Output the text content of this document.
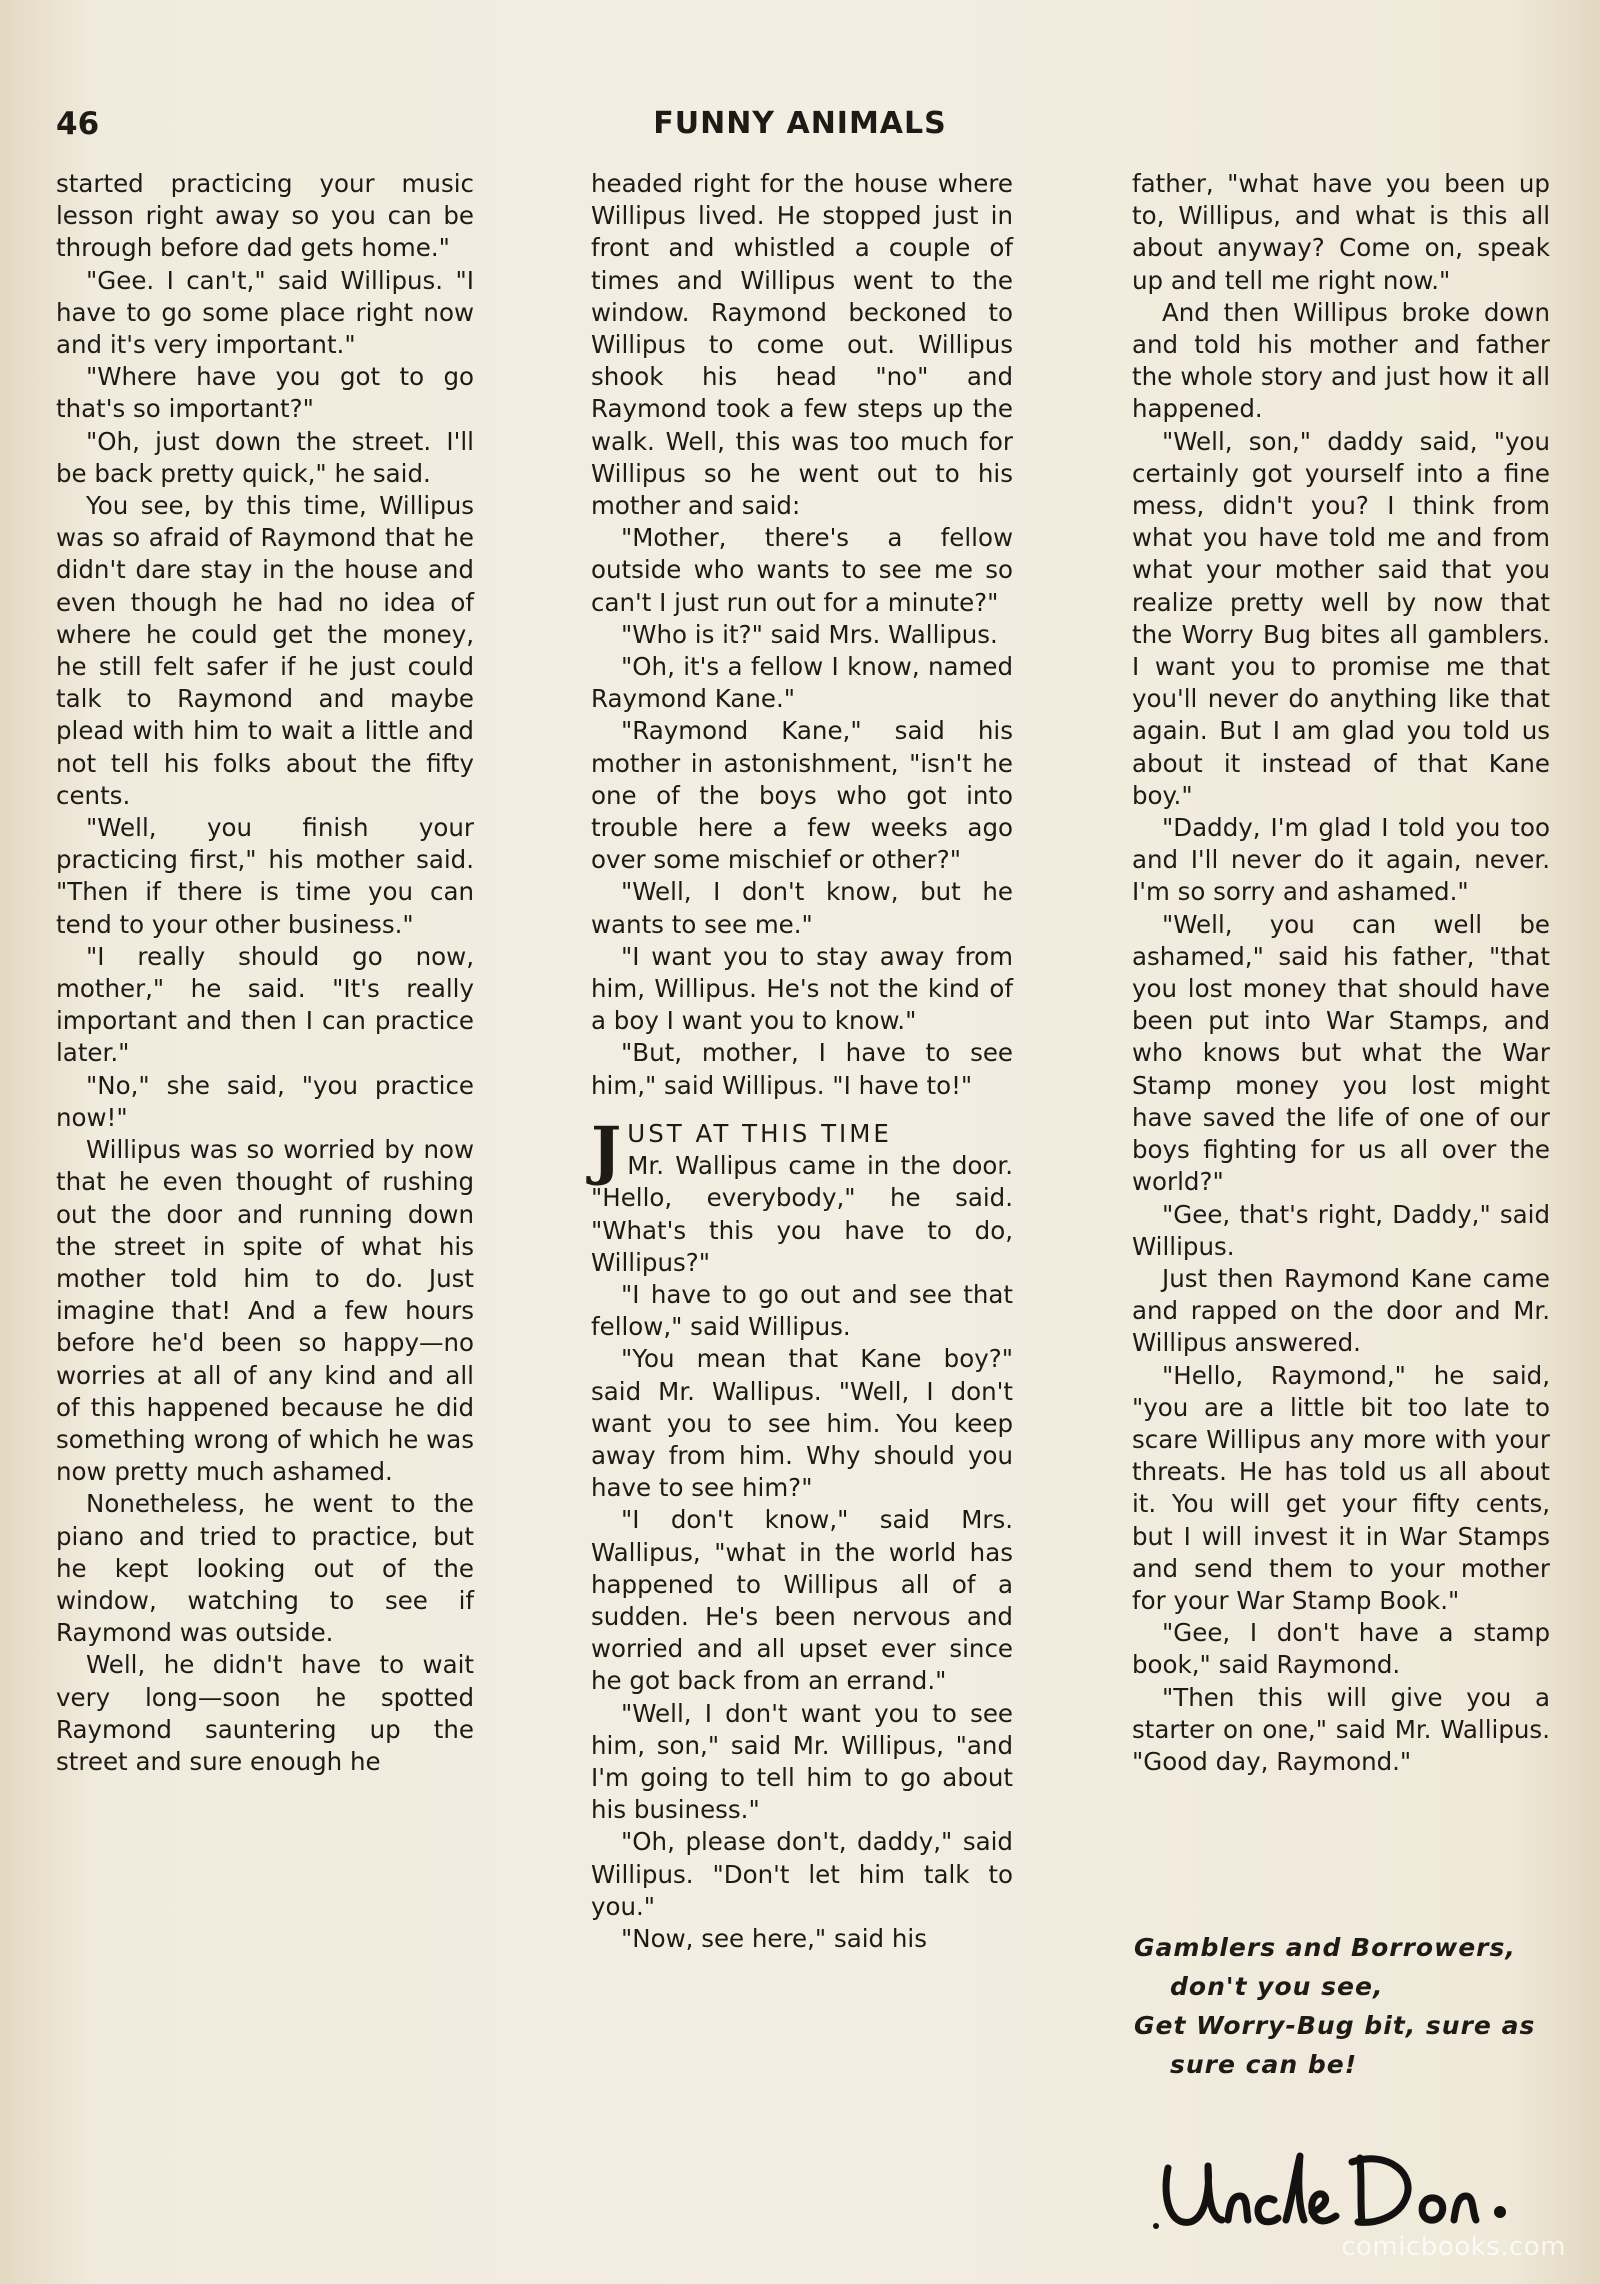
46	FUNNY ANIMALS

started practicing your music lesson right away so you can be through before dad gets home."

"Gee. I can't," said Willipus. "I have to go some place right now and it's very important."

"Where have you got to go that's so important?"

"Oh, just down the street. I'll be back pretty quick," he said.

You see, by this time, Willipus was so afraid of Raymond that he didn't dare stay in the house and even though he had no idea of where he could get the money, he still felt safer if he just could talk to Raymond and maybe plead with him to wait a little and not tell his folks about the fifty cents.

"Well, you finish your practicing first," his mother said. "Then if there is time you can tend to your other business."

"I really should go now, mother," he said. "It's really important and then I can practice later."

"No," she said, "you practice now!"

Willipus was so worried by now that he even thought of rushing out the door and running down the street in spite of what his mother told him to do. Just imagine that! And a few hours before he'd been so happy—no worries at all of any kind and all of this happened because he did something wrong of which he was now pretty much ashamed.

Nonetheless, he went to the piano and tried to practice, but he kept looking out of the window, watching to see if Raymond was outside.

Well, he didn't have to wait very long—soon he spotted Raymond sauntering up the street and sure enough he

headed right for the house where Willipus lived. He stopped just in front and whistled a couple of times and Willipus went to the window. Raymond beckoned to Willipus to come out. Willipus shook his head "no" and Raymond took a few steps up the walk. Well, this was too much for Willipus so he went out to his mother and said:

"Mother, there's a fellow outside who wants to see me so can't I just run out for a minute?"

"Who is it?" said Mrs. Wallipus.

"Oh, it's a fellow I know, named Raymond Kane."

"Raymond Kane," said his mother in astonishment, "isn't he one of the boys who got into trouble here a few weeks ago over some mischief or other?"

"Well, I don't know, but he wants to see me."

"I want you to stay away from him, Willipus. He's not the kind of a boy I want you to know."

"But, mother, I have to see him," said Willipus. "I have to!"

J UST AT THIS TIME

Mr. Wallipus came in the door. "Hello, everybody," he said. "What's this you have to do, Willipus?"

"I have to go out and see that fellow," said Willipus.

"You mean that Kane boy?" said Mr. Wallipus. "Well, I don't want you to see him. You keep away from him. Why should you have to see him?"

"I don't know," said Mrs. Wallipus, "what in the world has happened to Willipus all of a sudden. He's been nervous and worried and all upset ever since he got back from an errand."

"Well, I don't want you to see him, son," said Mr. Willipus, "and I'm going to tell him to go about his business."

"Oh, please don't, daddy," said Willipus. "Don't let him talk to you."

"Now, see here," said his

father, "what have you been up to, Willipus, and what is this all about anyway? Come on, speak up and tell me right now."

And then Willipus broke down and told his mother and father the whole story and just how it all happened.

"Well, son," daddy said, "you certainly got yourself into a fine mess, didn't you? I think from what you have told me and from what your mother said that you realize pretty well by now that the Worry Bug bites all gamblers. I want you to promise me that you'll never do anything like that again. But I am glad you told us about it instead of that Kane boy."

"Daddy, I'm glad I told you too and I'll never do it again, never. I'm so sorry and ashamed."

"Well, you can well be ashamed," said his father, "that you lost money that should have been put into War Stamps, and who knows but what the War Stamp money you lost might have saved the life of one of our boys fighting for us all over the world?"

"Gee, that's right, Daddy," said Willipus.

Just then Raymond Kane came and rapped on the door and Mr. Willipus answered.

"Hello, Raymond," he said, "you are a little bit too late to scare Willipus any more with your threats. He has told us all about it. You will get your fifty cents, but I will invest it in War Stamps and send them to your mother for your War Stamp Book."

"Gee, I don't have a stamp book," said Raymond.

"Then this will give you a starter on one," said Mr. Wallipus. "Good day, Raymond."

Gamblers and Borrowers,
don't you see,
Get Worry-Bug bit, sure as
sure can be!
comicbooks.com
